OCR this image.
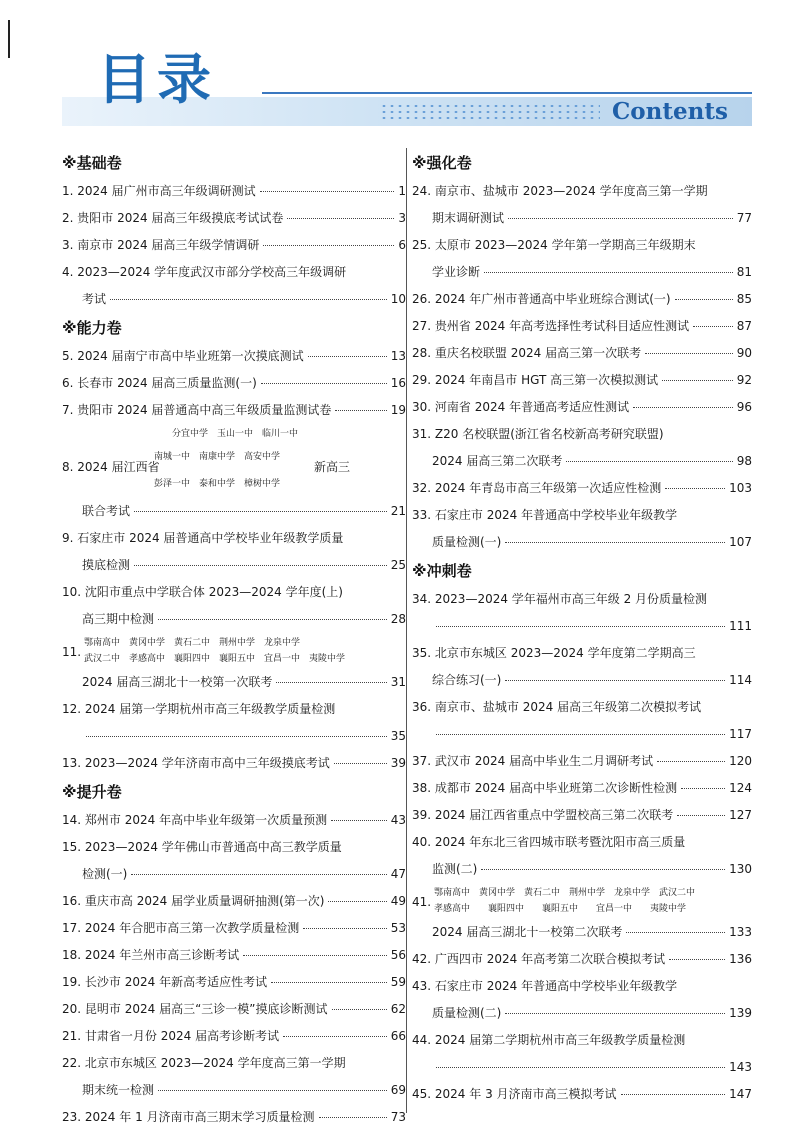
目录
Contents
※基础卷
1. 2024 届广州市高三年级调研测试	1
2. 贵阳市 2024 届高三年级摸底考试试卷	3
3. 南京市 2024 届高三年级学情调研	6
4. 2023—2024 学年度武汉市部分学校高三年级调研
考试	10
※能力卷
5. 2024 届南宁市高中毕业班第一次摸底测试	13
6. 长春市 2024 届高三质量监测(一)	16
7. 贵阳市 2024 届普通高中高三年级质量监测试卷	19
分宜中学　玉山一中　临川一中
8. 2024 届江西省
南城一中　南康中学　高安中学
彭泽一中　泰和中学　樟树中学
新高三
联合考试	21
9. 石家庄市 2024 届普通高中学校毕业年级教学质量
摸底检测	25
10. 沈阳市重点中学联合体 2023—2024 学年度(上)
高三期中检测	28
11.
鄂南高中　黄冈中学　黄石二中　荆州中学　龙泉中学
武汉二中　孝感高中　襄阳四中　襄阳五中　宜昌一中　夷陵中学
2024 届高三湖北十一校第一次联考	31
12. 2024 届第一学期杭州市高三年级教学质量检测
35
13. 2023—2024 学年济南市高中三年级摸底考试	39
※提升卷
14. 郑州市 2024 年高中毕业年级第一次质量预测	43
15. 2023—2024 学年佛山市普通高中高三教学质量
检测(一)	47
16. 重庆市高 2024 届学业质量调研抽测(第一次)	49
17. 2024 年合肥市高三第一次教学质量检测	53
18. 2024 年兰州市高三诊断考试	56
19. 长沙市 2024 年新高考适应性考试	59
20. 昆明市 2024 届高三“三诊一模”摸底诊断测试	62
21. 甘肃省一月份 2024 届高考诊断考试	66
22. 北京市东城区 2023—2024 学年度高三第一学期
期末统一检测	69
23. 2024 年 1 月济南市高三期末学习质量检测	73
※强化卷
24. 南京市、盐城市 2023—2024 学年度高三第一学期
期末调研测试	77
25. 太原市 2023—2024 学年第一学期高三年级期末
学业诊断	81
26. 2024 年广州市普通高中毕业班综合测试(一)	85
27. 贵州省 2024 年高考选择性考试科目适应性测试	87
28. 重庆名校联盟 2024 届高三第一次联考	90
29. 2024 年南昌市 HGT 高三第一次模拟测试	92
30. 河南省 2024 年普通高考适应性测试	96
31. Z20 名校联盟(浙江省名校新高考研究联盟)
2024 届高三第二次联考	98
32. 2024 年青岛市高三年级第一次适应性检测	103
33. 石家庄市 2024 年普通高中学校毕业年级教学
质量检测(一)	107
※冲刺卷
34. 2023—2024 学年福州市高三年级 2 月份质量检测
111
35. 北京市东城区 2023—2024 学年度第二学期高三
综合练习(一)	114
36. 南京市、盐城市 2024 届高三年级第二次模拟考试
117
37. 武汉市 2024 届高中毕业生二月调研考试	120
38. 成都市 2024 届高中毕业班第二次诊断性检测	124
39. 2024 届江西省重点中学盟校高三第二次联考	127
40. 2024 年东北三省四城市联考暨沈阳市高三质量
监测(二)	130
41.
鄂南高中　黄冈中学　黄石二中　荆州中学　龙泉中学　武汉二中
孝感高中　　襄阳四中　　襄阳五中　　宜昌一中　　夷陵中学
2024 届高三湖北十一校第二次联考	133
42. 广西四市 2024 年高考第二次联合模拟考试	136
43. 石家庄市 2024 年普通高中学校毕业年级教学
质量检测(二)	139
44. 2024 届第二学期杭州市高三年级教学质量检测
143
45. 2024 年 3 月济南市高三模拟考试	147
